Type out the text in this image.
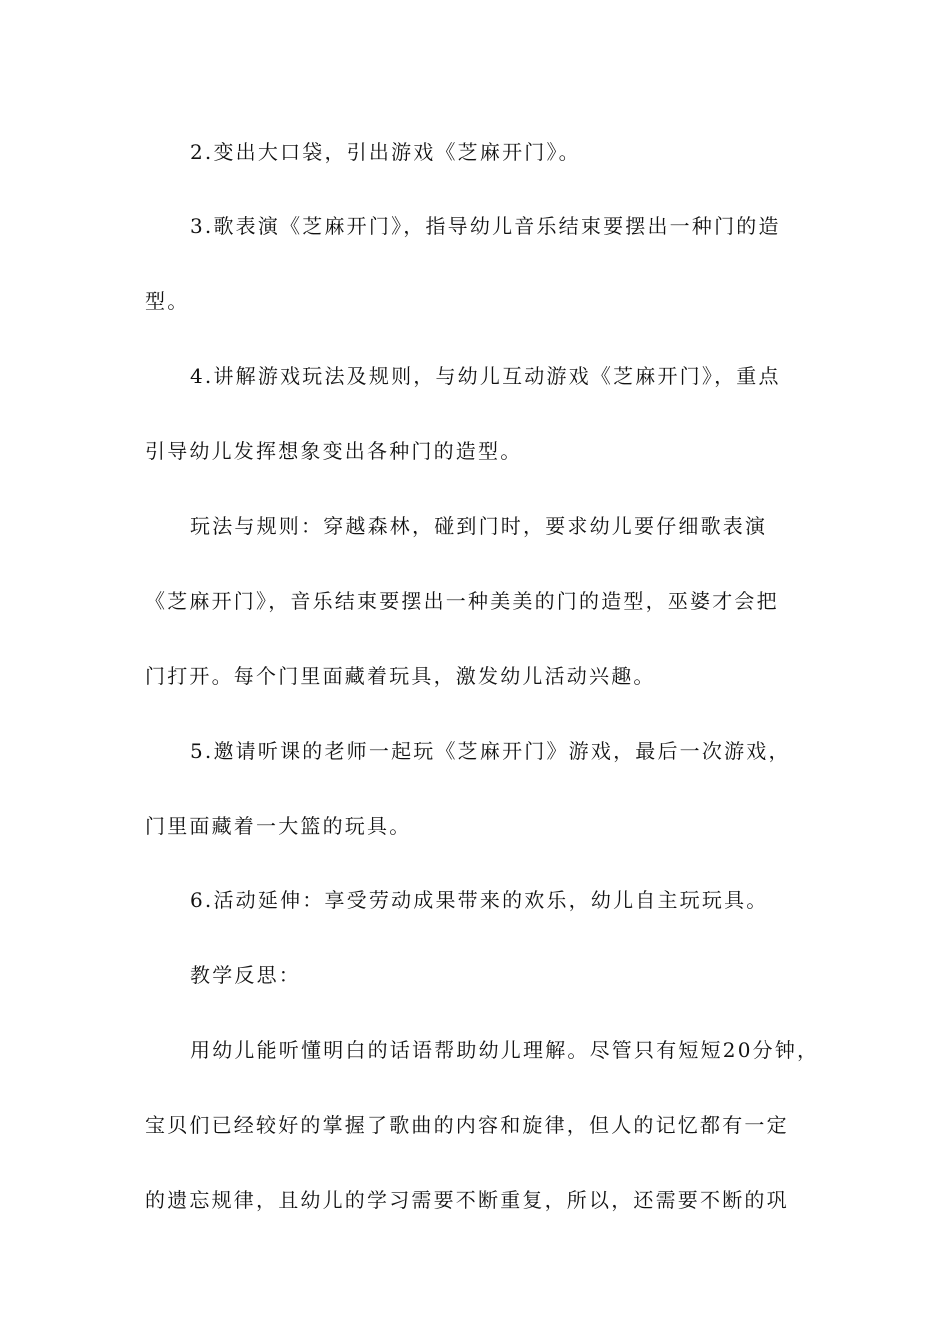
2.变出大口袋，引出游戏《芝麻开门》。
3.歌表演《芝麻开门》，指导幼儿音乐结束要摆出一种门的造
型。
4.讲解游戏玩法及规则，与幼儿互动游戏《芝麻开门》，重点
引导幼儿发挥想象变出各种门的造型。
玩法与规则：穿越森林，碰到门时，要求幼儿要仔细歌表演
《芝麻开门》，音乐结束要摆出一种美美的门的造型，巫婆才会把
门打开。每个门里面藏着玩具，激发幼儿活动兴趣。
5.邀请听课的老师一起玩《芝麻开门》游戏，最后一次游戏，
门里面藏着一大篮的玩具。
6.活动延伸：享受劳动成果带来的欢乐，幼儿自主玩玩具。
教学反思：
用幼儿能听懂明白的话语帮助幼儿理解。尽管只有短短20分钟，
宝贝们已经较好的掌握了歌曲的内容和旋律，但人的记忆都有一定
的遗忘规律，且幼儿的学习需要不断重复，所以，还需要不断的巩
